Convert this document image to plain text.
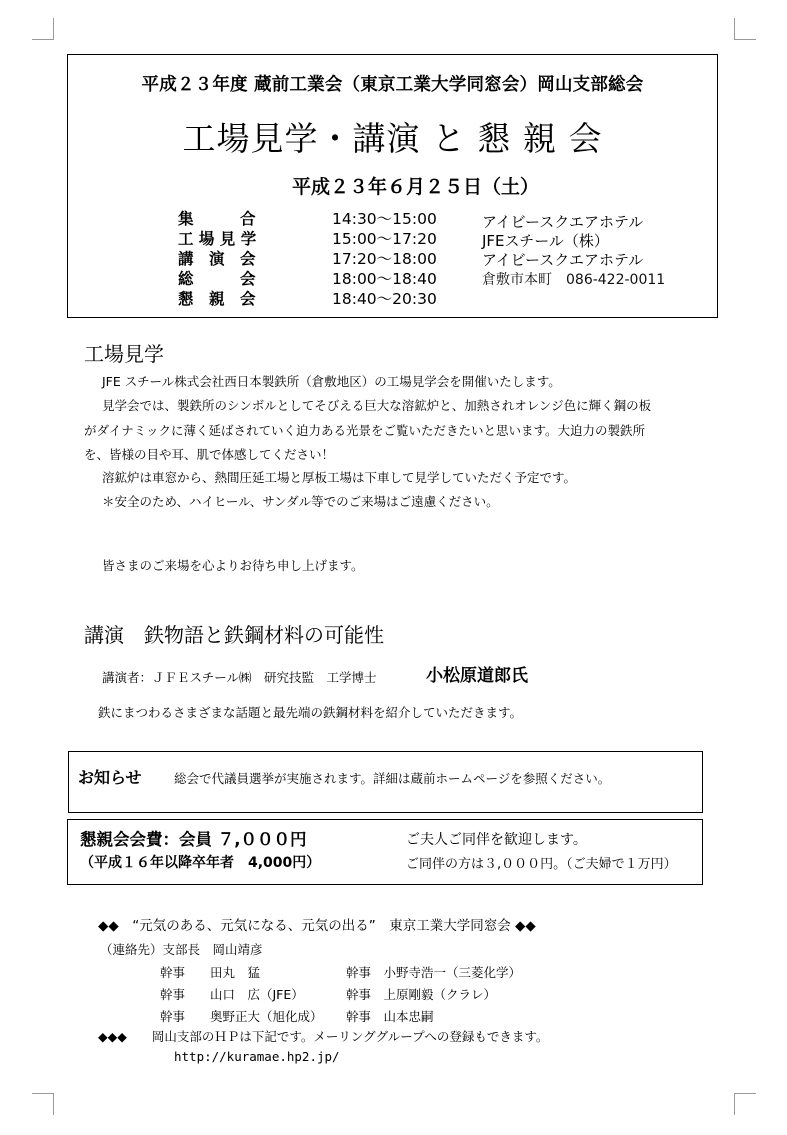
平成２３年度 蔵前工業会（東京工業大学同窓会）岡山支部総会
工場見学・講演 と 懇 親 会
平成２３年６月２５日（土）
集　　　合	14:30〜15:00	アイビースクエアホテル
工 場 見 学	15:00〜17:20	JFEスチール（株）
講　演　会	17:20〜18:00	アイビースクエアホテル
総　　　会	18:00〜18:40	倉敷市本町　086-422-0011
懇　親　会	18:40〜20:30
工場見学
JFE スチール株式会社西日本製鉄所（倉敷地区）の工場見学会を開催いたします。
見学会では、製鉄所のシンボルとしてそびえる巨大な溶鉱炉と、加熱されオレンジ色に輝く鋼の板
がダイナミックに薄く延ばされていく迫力ある光景をご覧いただきたいと思います。大迫力の製鉄所
を、皆様の目や耳、肌で体感してください！
溶鉱炉は車窓から、熱間圧延工場と厚板工場は下車して見学していただく予定です。
＊安全のため、ハイヒール、サンダル等でのご来場はご遠慮ください。
皆さまのご来場を心よりお待ち申し上げます。
講演　鉄物語と鉄鋼材料の可能性
講演者：ＪＦＥスチール㈱　研究技監　工学博士	小松原道郎氏
鉄にまつわるさまざまな話題と最先端の鉄鋼材料を紹介していただきます。
お知らせ	総会で代議員選挙が実施されます。詳細は蔵前ホームページを参照ください。
懇親会会費：会員 ７,０００円
（平成１６年以降卒年者　4,000円）
ご夫人ご同伴を歓迎します。
ご同伴の方は３,０００円。（ご夫婦で１万円）
◆◆　“元気のある、元気になる、元気の出る”　東京工業大学同窓会 ◆◆
（連絡先）支部長　岡山靖彦
幹事　　田丸　猛	幹事　小野寺浩一（三菱化学）
幹事　　山口　広（JFE）	幹事　上原剛毅（クラレ）
幹事　　奥野正大（旭化成） 幹事　山本忠嗣
◆◆◆　　岡山支部のＨＰは下記です。メーリンググループへの登録もできます。
http://kuramae.hp2.jp/
